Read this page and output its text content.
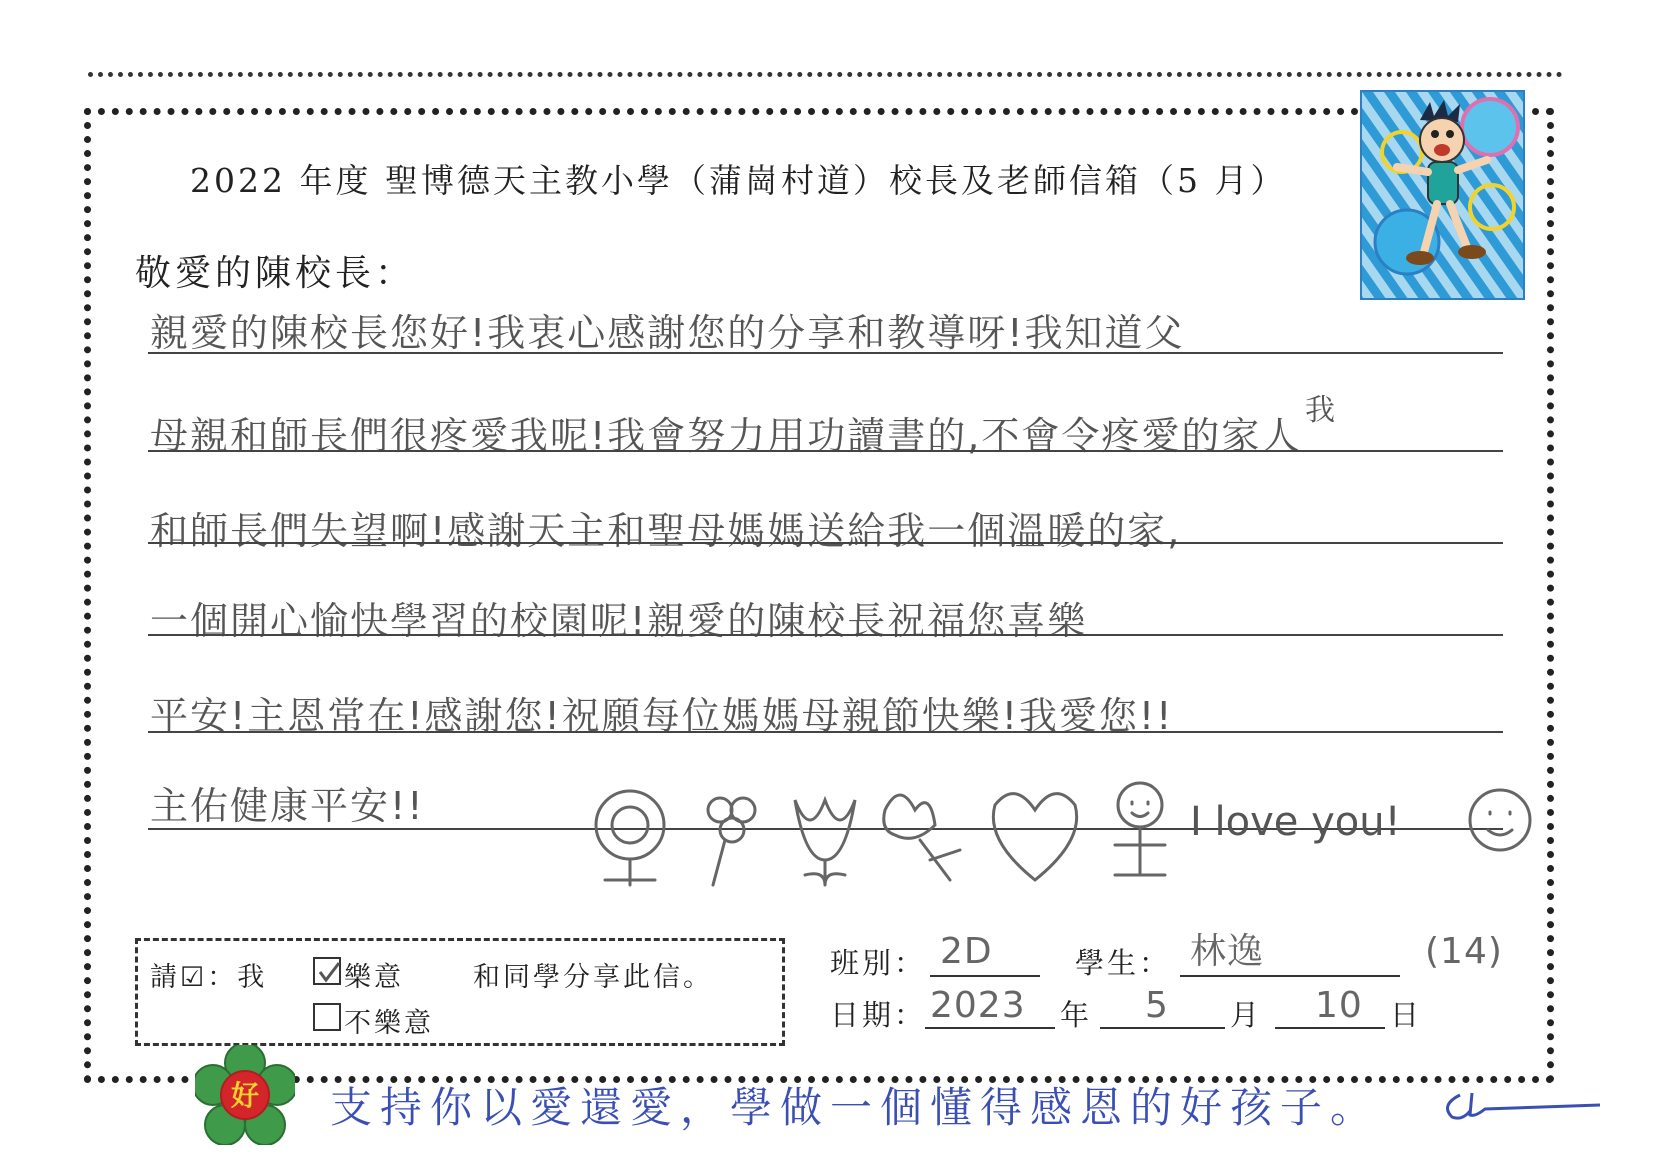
2022 年度 聖博德天主教小學（蒲崗村道）校長及老師信箱（5 月）
敬愛的陳校長：
親愛的陳校長您好!我衷心感謝您的分享和教導呀!我知道父
我
母親和師長們很疼愛我呢!我會努力用功讀書的,不會令疼愛的家人
和師長們失望啊!感謝天主和聖母媽媽送給我一個溫暖的家,
一個開心愉快學習的校園呢!親愛的陳校長祝福您喜樂
平安!主恩常在!感謝您!祝願每位媽媽母親節快樂!我愛您!!
主佑健康平安!!	I love you!
請☑：我	樂意	和同學分享此信。
不樂意
班別： 2D	學生： 林逸	(14)
日期： 2023 年 5 月 10 日
好 支持你以愛還愛，學做一個懂得感恩的好孩子。
